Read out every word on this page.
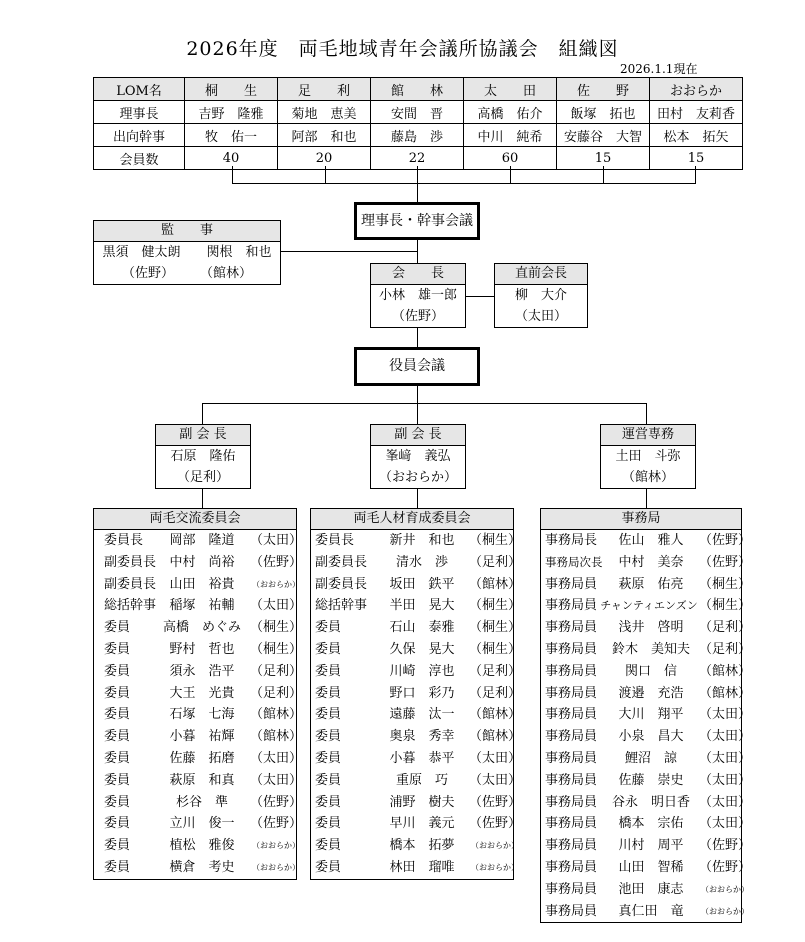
2026年度　両毛地域青年会議所協議会　組織図
2026.1.1現在
LOM名	桐　　生	足　　利	館　　林	太　　田	佐　　野	おおらか
理事長	吉野　隆雅	菊地　恵美	安間　晋	高橋　佑介	飯塚　拓也	田村　友莉香
出向幹事	牧　佑一	阿部　和也	藤島　渉	中川　純希	安藤谷　大智	松本　拓矢
会員数	40	20	22	60	15	15
理事長・幹事会議
監　　事
黒須　健太朗　　関根　和也
（佐野）　　　（館林）	会　　長
小林　雄一郎
（佐野）
直前会長
柳　大介
（太田）
役員会議
副 会 長
石原　隆佑
（足利）
副 会 長
峯﨑　義弘
（おおらか）
運営専務
土田　斗弥
（館林）
両毛交流委員会
委員長	岡部　隆道	（太田）
副委員長	中村　尚裕	（佐野）
副委員長	山田　裕貴	（おおらか）
総括幹事	稲塚　祐輔	（太田）
委員	高橋　めぐみ （桐生）
委員	野村　哲也	（桐生）
委員	須永　浩平	（足利）
委員	大王　光貴	（足利）
委員	石塚　七海	（館林）
委員	小暮　祐輝	（館林）
委員	佐藤　拓磨	（太田）
委員	萩原　和真	（太田）
委員	杉谷　準	（佐野）
委員	立川　俊一	（佐野）
委員	植松　雅俊	（おおらか）
委員	横倉　考史	（おおらか）
両毛人材育成委員会
委員長	新井　和也	（桐生）
副委員長	清水　渉	（足利）
副委員長	坂田　鉄平	（館林）
総括幹事	半田　晃大	（桐生）
委員	石山　泰雅	（桐生）
委員	久保　晃大	（桐生）
委員	川崎　淳也	（足利）
委員	野口　彩乃	（足利）
委員	遠藤　汰一	（館林）
委員	奥泉　秀幸	（館林）
委員	小暮　恭平	（太田）
委員	重原　巧	（太田）
委員	浦野　樹夫	（佐野）
委員	早川　義元	（佐野）
委員	橋本　拓夢	（おおらか）
委員	林田　瑠唯	（おおらか）
事務局
事務局長	佐山　雅人	（佐野）
事務局次長	中村　美奈	（佐野）
事務局員	萩原　佑亮	（桐生）
事務局員 チャンティエンズン （桐生）
事務局員	浅井　啓明	（足利）
事務局員	鈴木　美知夫 （足利）
事務局員	関口　信	（館林）
事務局員	渡邉　充浩	（館林）
事務局員	大川　翔平	（太田）
事務局員	小泉　昌大	（太田）
事務局員	鯉沼　諒	（太田）
事務局員	佐藤　崇史	（太田）
事務局員	谷永　明日香 （太田）
事務局員	橋本　宗佑	（太田）
事務局員	川村　周平	（佐野）
事務局員	山田　智稀	（佐野）
事務局員	池田　康志	（おおらか）
事務局員	真仁田　竜	（おおらか）
